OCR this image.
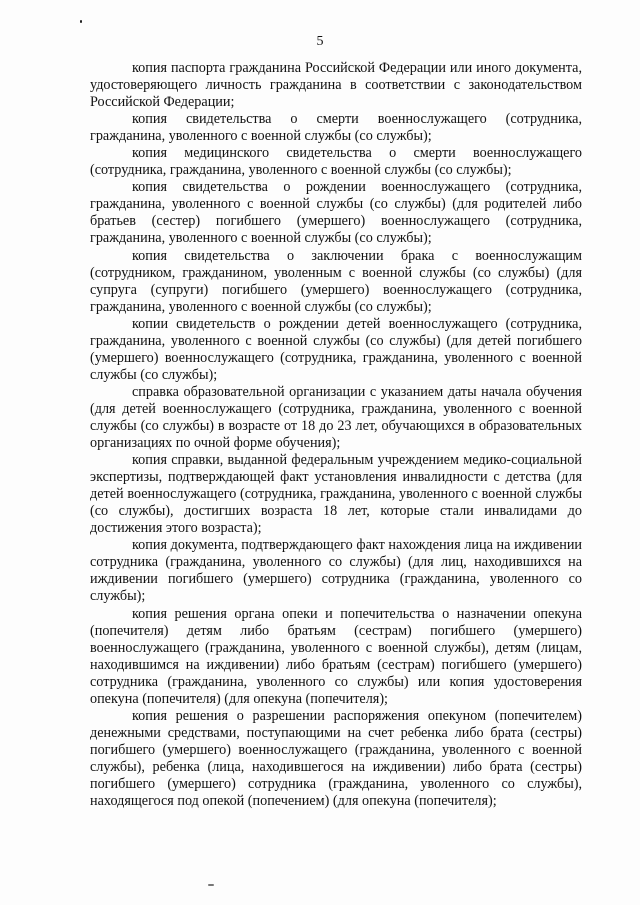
5

копия паспорта гражданина Российской Федерации или иного документа, удостоверяющего личность гражданина в соответствии с законодательством Российской Федерации;

копия свидетельства о смерти военнослужащего (сотрудника, гражданина, уволенного с военной службы (со службы);

копия медицинского свидетельства о смерти военнослужащего (сотрудника, гражданина, уволенного с военной службы (со службы);

копия свидетельства о рождении военнослужащего (сотрудника, гражданина, уволенного с военной службы (со службы) (для родителей либо братьев (сестер) погибшего (умершего) военнослужащего (сотрудника, гражданина, уволенного с военной службы (со службы);

копия свидетельства о заключении брака с военнослужащим (сотрудником, гражданином, уволенным с военной службы (со службы) (для супруга (супруги) погибшего (умершего) военнослужащего (сотрудника, гражданина, уволенного с военной службы (со службы);

копии свидетельств о рождении детей военнослужащего (сотрудника, гражданина, уволенного с военной службы (со службы) (для детей погибшего (умершего) военнослужащего (сотрудника, гражданина, уволенного с военной службы (со службы);

справка образовательной организации с указанием даты начала обучения (для детей военнослужащего (сотрудника, гражданина, уволенного с военной службы (со службы) в возрасте от 18 до 23 лет, обучающихся в образовательных организациях по очной форме обучения);

копия справки, выданной федеральным учреждением медико-социальной экспертизы, подтверждающей факт установления инвалидности с детства (для детей военнослужащего (сотрудника, гражданина, уволенного с военной службы (со службы), достигших возраста 18 лет, которые стали инвалидами до достижения этого возраста);

копия документа, подтверждающего факт нахождения лица на иждивении сотрудника (гражданина, уволенного со службы) (для лиц, находившихся на иждивении погибшего (умершего) сотрудника (гражданина, уволенного со службы);

копия решения органа опеки и попечительства о назначении опекуна (попечителя) детям либо братьям (сестрам) погибшего (умершего) военнослужащего (гражданина, уволенного с военной службы), детям (лицам, находившимся на иждивении) либо братьям (сестрам) погибшего (умершего) сотрудника (гражданина, уволенного со службы) или копия удостоверения опекуна (попечителя) (для опекуна (попечителя);

копия решения о разрешении распоряжения опекуном (попечителем) денежными средствами, поступающими на счет ребенка либо брата (сестры) погибшего (умершего) военнослужащего (гражданина, уволенного с военной службы), ребенка (лица, находившегося на иждивении) либо брата (сестры) погибшего (умершего) сотрудника (гражданина, уволенного со службы), находящегося под опекой (попечением) (для опекуна (попечителя);
